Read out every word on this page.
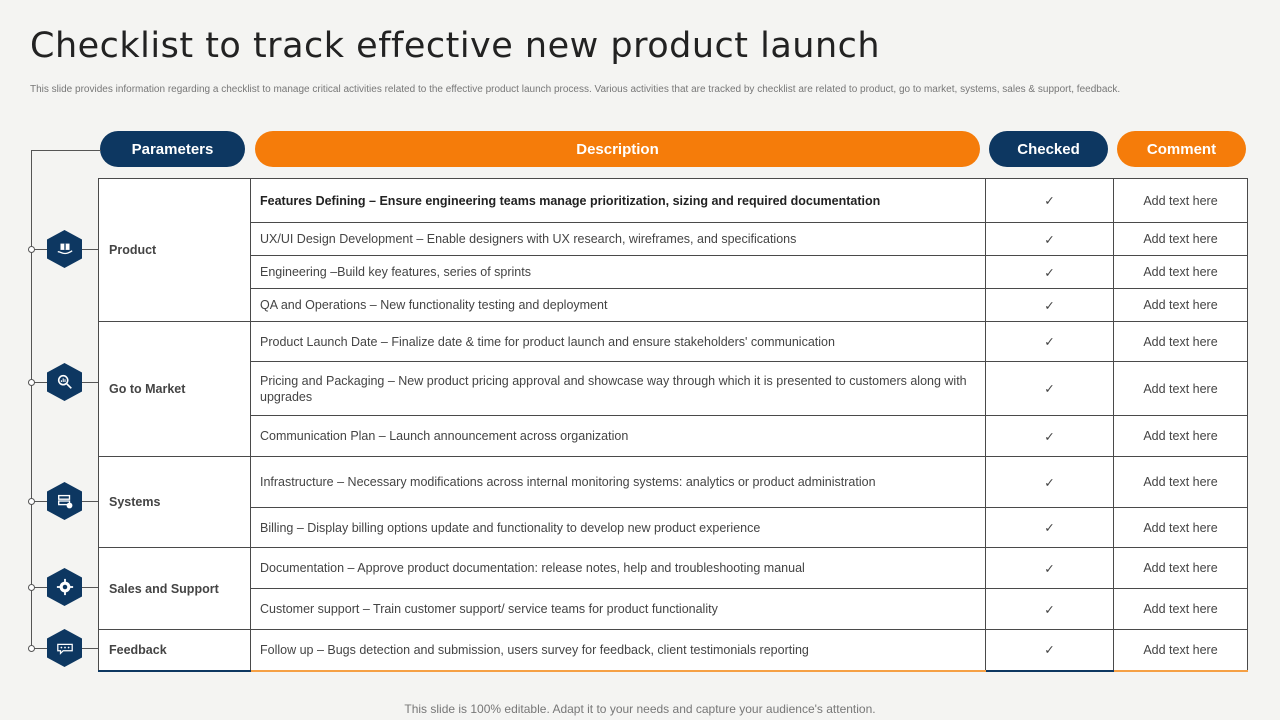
Checklist to track effective new product launch
This slide provides information regarding a checklist to manage critical activities related to the effective product launch process. Various activities that are tracked by checklist are related to product, go to market, systems, sales & support, feedback.
Parameters	Description	Checked	Comment
Product	Features Defining – Ensure engineering teams manage prioritization, sizing and required documentation	✓	Add text here
	UX/UI Design Development – Enable designers with UX research, wireframes, and specifications	✓	Add text here
	Engineering –Build key features, series of sprints	✓	Add text here
	QA and Operations – New functionality testing and deployment	✓	Add text here
Go to Market	Product Launch Date – Finalize date & time for product launch and ensure stakeholders' communication	✓	Add text here
	Pricing and Packaging – New product pricing approval and showcase way through which it is presented to customers along with upgrades	✓	Add text here
	Communication Plan – Launch announcement across organization	✓	Add text here
Systems	Infrastructure – Necessary modifications across internal monitoring systems: analytics or product administration	✓	Add text here
	Billing – Display billing options update and functionality to develop new product experience	✓	Add text here
Sales and Support	Documentation – Approve product documentation: release notes, help and troubleshooting manual	✓	Add text here
	Customer support – Train customer support/ service teams for product functionality	✓	Add text here
Feedback	Follow up – Bugs detection and submission, users survey for feedback, client testimonials reporting	✓	Add text here
This slide is 100% editable. Adapt it to your needs and capture your audience's attention.
